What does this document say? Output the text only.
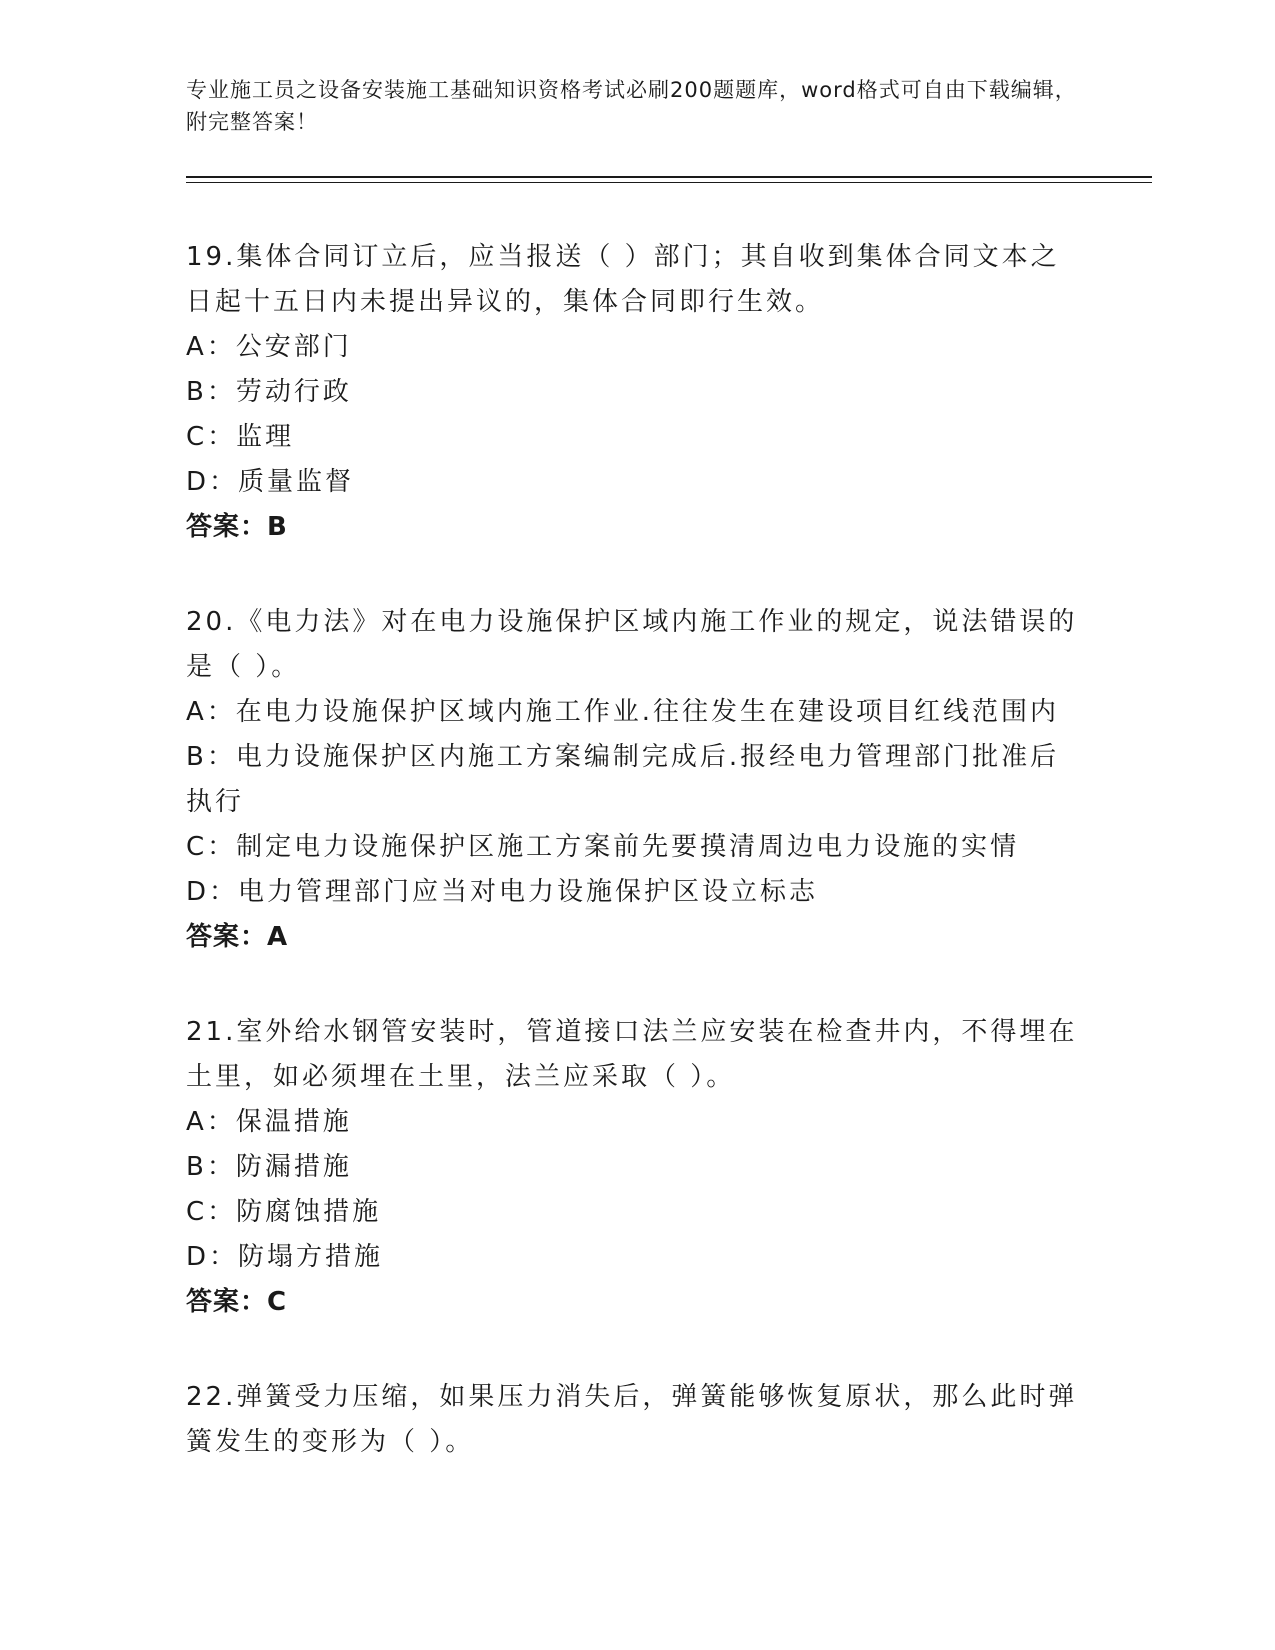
专业施工员之设备安装施工基础知识资格考试必刷200题题库，word格式可自由下载编辑，附完整答案！

19.集体合同订立后，应当报送（ ）部门；其自收到集体合同文本之日起十五日内未提出异议的，集体合同即行生效。

A：公安部门

B：劳动行政

C：监理

D：质量监督

答案：B

20.《电力法》对在电力设施保护区域内施工作业的规定，说法错误的是（ ）。

A：在电力设施保护区域内施工作业.往往发生在建设项目红线范围内

B：电力设施保护区内施工方案编制完成后.报经电力管理部门批准后执行

C：制定电力设施保护区施工方案前先要摸清周边电力设施的实情

D：电力管理部门应当对电力设施保护区设立标志

答案：A

21.室外给水钢管安装时，管道接口法兰应安装在检查井内，不得埋在土里，如必须埋在土里，法兰应采取（ ）。

A：保温措施

B：防漏措施

C：防腐蚀措施

D：防塌方措施

答案：C

22.弹簧受力压缩，如果压力消失后，弹簧能够恢复原状，那么此时弹簧发生的变形为（ ）。
